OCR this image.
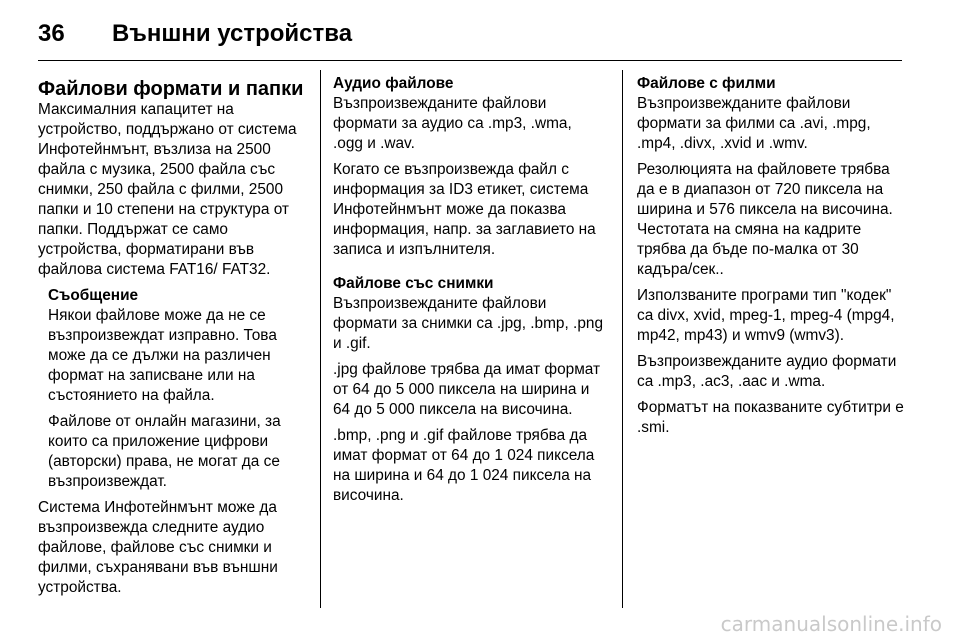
36	Външни устройства
Файлови формати и папки

Максималния капацитет на устройство, поддържано от система Инфотейнмънт, възлиза на 2500 файла с музика, 2500 файла със снимки, 250 файла с филми, 2500 папки и 10 степени на структура от папки. Поддържат се само устройства, форматирани във файлова система FAT16/ FAT32.

Съобщение

Някои файлове може да не се възпроизвеждат изправно. Това може да се дължи на различен формат на записване или на състоянието на файла.

Файлове от онлайн магазини, за които са приложение цифрови (авторски) права, не могат да се възпроизвеждат.

Система Инфотейнмънт може да възпроизвежда следните аудио файлове, файлове със снимки и филми, съхранявани във външни устройства.

Аудио файлове

Възпроизвежданите файлови формати за аудио са .mp3, .wma, .ogg и .wav.

Когато се възпроизвежда файл с информация за ID3 етикет, система Инфотейнмънт може да показва информация, напр. за заглавието на записа и изпълнителя.

Файлове със снимки

Възпроизвежданите файлови формати за снимки са .jpg, .bmp, .png и .gif.

.jpg файлове трябва да имат формат от 64 до 5 000 пиксела на ширина и 64 до 5 000 пиксела на височина.

.bmp, .png и .gif файлове трябва да имат формат от 64 до 1 024 пиксела на ширина и 64 до 1 024 пиксела на височина.

Файлове с филми

Възпроизвежданите файлови формати за филми са .avi, .mpg, .mp4, .divx, .xvid и .wmv.

Резолюцията на файловете трябва да е в диапазон от 720 пиксела на ширина и 576 пиксела на височина. Честотата на смяна на кадрите трябва да бъде по-малка от 30 кадъра/сек..

Използваните програми тип "кодек" са divx, xvid, mpeg-1, mpeg-4 (mpg4, mp42, mp43) и wmv9 (wmv3).

Възпроизвежданите аудио формати са .mp3, .ac3, .aac и .wma.

Форматът на показваните субтитри е .smi.

carmanualsonline.info
